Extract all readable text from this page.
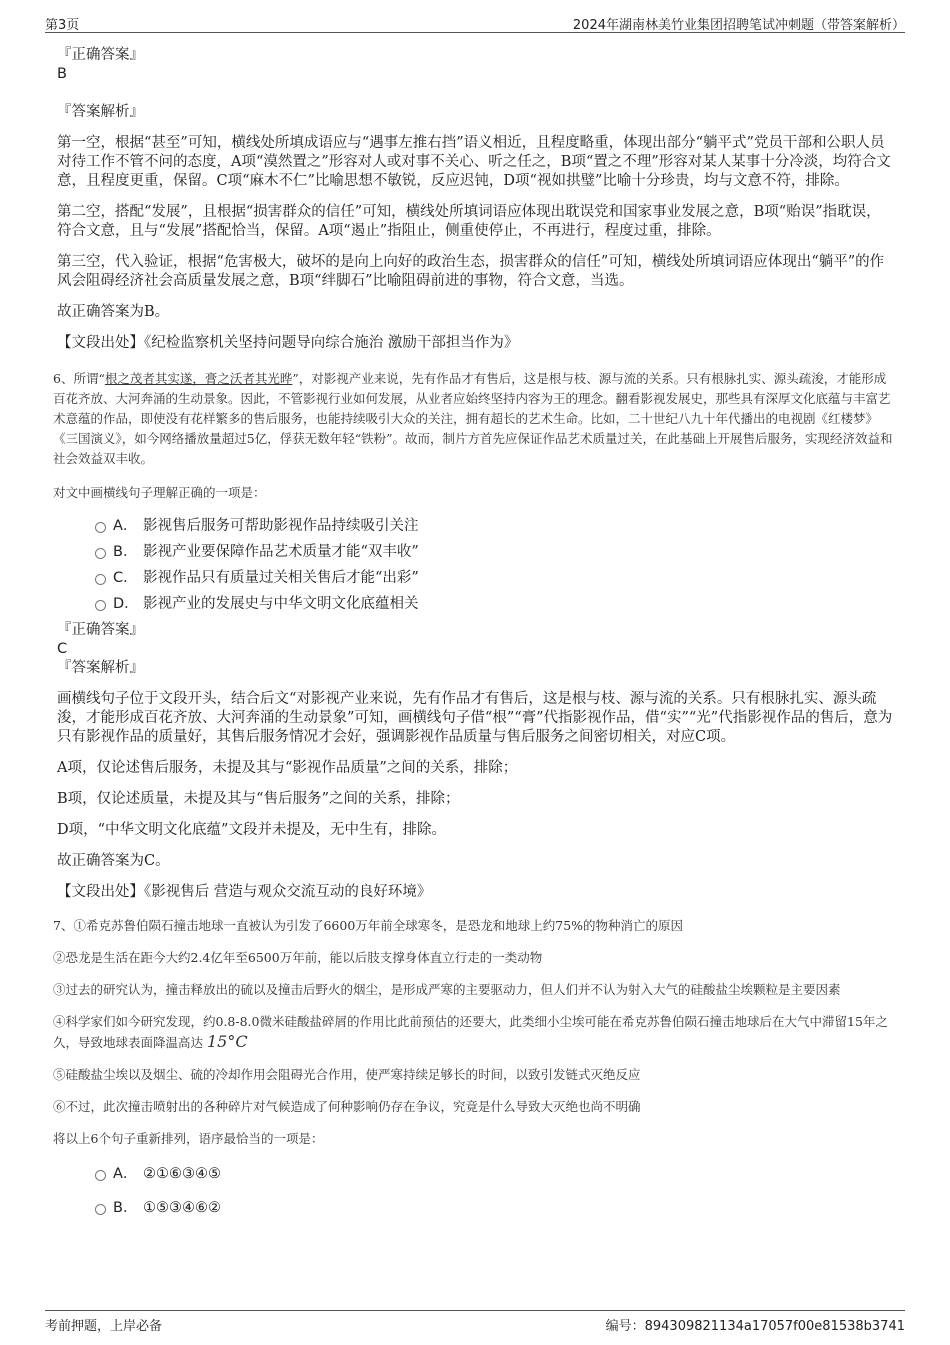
第3页	2024年湖南林美竹业集团招聘笔试冲刺题（带答案解析）

『正确答案』

B

『答案解析』

第一空，根据“甚至”可知，横线处所填成语应与“遇事左推右挡”语义相近，且程度略重，体现出部分“躺平式”党员干部和公职人员对待工作不管不问的态度，A项“漠然置之”形容对人或对事不关心、听之任之，B项“置之不理”形容对某人某事十分冷淡，均符合文意，且程度更重，保留。C项“麻木不仁”比喻思想不敏锐，反应迟钝，D项“视如拱璧”比喻十分珍贵，均与文意不符，排除。

第二空，搭配“发展”，且根据“损害群众的信任”可知，横线处所填词语应体现出耽误党和国家事业发展之意，B项“贻误”指耽误，符合文意，且与“发展”搭配恰当，保留。A项“遏止”指阻止，侧重使停止，不再进行，程度过重，排除。

第三空，代入验证，根据“危害极大，破坏的是向上向好的政治生态，损害群众的信任”可知，横线处所填词语应体现出“躺平”的作风会阻碍经济社会高质量发展之意，B项“绊脚石”比喻阻碍前进的事物，符合文意，当选。

故正确答案为B。

【文段出处】《纪检监察机关坚持问题导向综合施治 激励干部担当作为》

6、所谓“根之茂者其实遂，膏之沃者其光晔”，对影视产业来说，先有作品才有售后，这是根与枝、源与流的关系。只有根脉扎实、源头疏浚，才能形成百花齐放、大河奔涌的生动景象。因此，不管影视行业如何发展，从业者应始终坚持内容为王的理念。翻看影视发展史，那些具有深厚文化底蕴与丰富艺术意蕴的作品，即使没有花样繁多的售后服务，也能持续吸引大众的关注，拥有超长的艺术生命。比如，二十世纪八九十年代播出的电视剧《红楼梦》《三国演义》，如今网络播放量超过5亿，俘获无数年轻“铁粉”。故而，制片方首先应保证作品艺术质量过关，在此基础上开展售后服务，实现经济效益和社会效益双丰收。

对文中画横线句子理解正确的一项是：

A． 影视售后服务可帮助影视作品持续吸引关注
B． 影视产业要保障作品艺术质量才能“双丰收”
C． 影视作品只有质量过关相关售后才能“出彩”
D． 影视产业的发展史与中华文明文化底蕴相关

『正确答案』

C

『答案解析』

画横线句子位于文段开头，结合后文“对影视产业来说，先有作品才有售后，这是根与枝、源与流的关系。只有根脉扎实、源头疏浚，才能形成百花齐放、大河奔涌的生动景象”可知，画横线句子借“根”“膏”代指影视作品，借“实”“光”代指影视作品的售后，意为只有影视作品的质量好，其售后服务情况才会好，强调影视作品质量与售后服务之间密切相关，对应C项。

A项，仅论述售后服务，未提及其与“影视作品质量”之间的关系，排除；

B项，仅论述质量，未提及其与“售后服务”之间的关系，排除；

D项，“中华文明文化底蕴”文段并未提及，无中生有，排除。

故正确答案为C。

【文段出处】《影视售后 营造与观众交流互动的良好环境》

7、①希克苏鲁伯陨石撞击地球一直被认为引发了6600万年前全球寒冬，是恐龙和地球上约75%的物种消亡的原因

②恐龙是生活在距今大约2.4亿年至6500万年前，能以后肢支撑身体直立行走的一类动物

③过去的研究认为，撞击释放出的硫以及撞击后野火的烟尘，是形成严寒的主要驱动力，但人们并不认为射入大气的硅酸盐尘埃颗粒是主要因素

④科学家们如今研究发现，约0.8-8.0微米硅酸盐碎屑的作用比此前预估的还要大，此类细小尘埃可能在希克苏鲁伯陨石撞击地球后在大气中滞留15年之久，导致地球表面降温高达 15°C

⑤硅酸盐尘埃以及烟尘、硫的冷却作用会阻碍光合作用，使严寒持续足够长的时间，以致引发链式灭绝反应

⑥不过，此次撞击喷射出的各种碎片对气候造成了何种影响仍存在争议，究竟是什么导致大灭绝也尚不明确

将以上6个句子重新排列，语序最恰当的一项是：

A． ②①⑥③④⑤
B． ①⑤③④⑥②
考前押题，上岸必备	编号：894309821134a17057f00e81538b3741
